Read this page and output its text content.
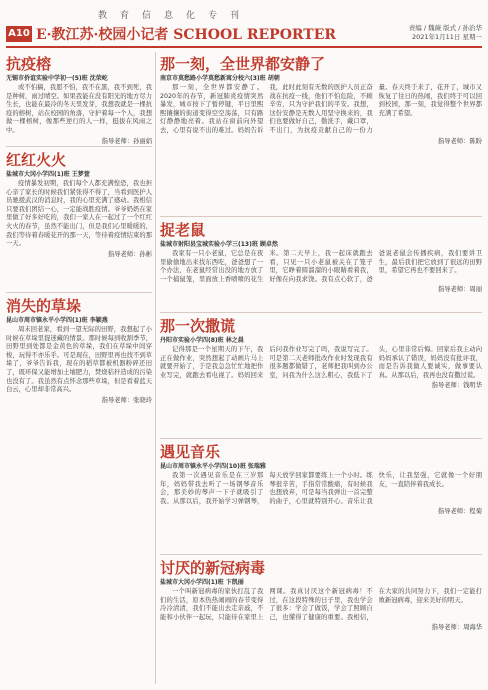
教育信息化专刊
A10 E·教江苏·校园小记者 SCHOOL REPORTER	责编 / 魏薇 版式 / 孙治华
2021年1月11日 星期一
抗疫榕
无锡市侨谊实验中学初一(5)班 沈荣屹
或不怕稿，我愿不怕，我不在黑，我不到死，我是种树，雨过晴空。如果我能在没有阳光的地方尽力生长，也能在最冷的冬天里发芽，我想我就是一棵抗疫的榕树，站在校园的角落，守护着每一个人，我想做一棵榕树，像那些逆行的人一样，挺拔在风雨之中。
指导老师：孙丽娟
红红火火
盐城市大冈小学四(1)班 王梦萱
疫情暴发初期，我们每个人都充满惶恐，我也担心亲了家长的时候我们紧张得不得了，当看到医护人员驰援武汉的消息时，我的心里充满了感动。我相信只要我们团结一心，一定能战胜疫情。爷爷奶奶在家里做了好多好吃的，我们一家人在一起过了一个红红火火的春节，虽然不能出门，但是我们心里暖暖的，我们等待着春暖花开的那一天，等待着疫情结束的那一天。
指导老师：孙彬
消失的草垛
昆山市周市镇永平小学四(1)班 李颖燕
周末回老家，看到一望无际的田野，我想起了小时候在草垛里捉迷藏的情景。那时候每到收割季节，田野里到处都是金黄色的草垛，我们在草垛中间穿梭，玩得不亦乐乎。可是现在，田野里再也找不到草垛了，爷爷告诉我，现在的稻草都被机器粉碎还田了，既环保又能增加土壤肥力，焚烧秸秆造成的污染也没有了。我虽然有点怀念那些草垛，但是看着蓝天白云，心里却非常高兴。
指导老师：张晓玲
那一刻，全世界都安静了
南京市莫愁路小学莫愁新寓分校六(3)班 胡朝
那一刻，全世界都安静了。2020年的春节，新冠肺炎疫情突然暴发，城市按下了暂停键，平日里熙熙攘攘的街道变得空空荡荡，只有路灯静静地亮着。我站在窗前向外望去，心里有说不出的难过。妈妈告诉我，此时此刻有无数的医护人员正奋战在抗疫一线，他们不怕危险，不顾辛劳，只为守护我们的平安。我想，这份安静是无数人用坚守换来的，我们也要做好自己，勤洗手，戴口罩，不出门，为抗疫贡献自己的一份力量。春天终于来了，花开了，城市又恢复了往日的热闹，我们终于可以回到校园，那一刻，我觉得整个世界都充满了希望。
指导老师：陈盼
捉老鼠
盐城市射阳县宝城实验小学三(13)班 顾卓然
我家有一只小老鼠，它总是在夜里偷偷地出来找东西吃，爸爸想了一个办法，在老鼠经常出没的地方放了一个捕鼠笼，里面放上香喷喷的花生米。第二天早上，我一起床就跑去看，只见一只小老鼠被关在了笼子里，它睁着圆溜溜的小眼睛看着我，好像在向我求饶。我有点心软了，爸爸说老鼠会传播疾病，我们要讲卫生，最后我们把它放到了很远的田野里，希望它再也不要回来了。
指导老师：周丽
那一次撒谎
丹阳市实验小学四(8)班 林之晨
记得那是一个星期天的下午，我正在做作业，突然想起了动画片马上就要开始了，于是我急急忙忙地把作业写完，就跑去看电视了。妈妈回来后问我作业写完了吗，我说写完了。可是第二天老师批改作业时发现我有很多题都做错了，老师把我叫到办公室，问我为什么这么粗心，我低下了头，心里非常后悔。回家后我主动向妈妈承认了错误，妈妈没有批评我，而是告诉我做人要诚实，做事要认真。从那以后，我再也没有撒过谎。
指导老师：钱明华
遇见音乐
昆山市周市镇永平小学四(10)班 张瑞雅
我第一次遇见音乐是在三岁那年，妈妈带我去听了一场钢琴音乐会，那美妙的琴声一下子就吸引了我。从那以后，我开始学习弹钢琴，每天放学回家都要练上一个小时。练琴很辛苦，手指常常酸痛，有时候我也想放弃，可是每当我弹出一首完整的曲子，心里就特别开心。音乐让我快乐，让我坚强，它就像一个好朋友，一直陪伴着我成长。
指导老师：程菊
讨厌的新冠病毒
盐城市大冈小学四(1)班 卞凯丽
一个叫新冠病毒的家伙打乱了我们的生活，原本热热闹闹的春节变得冷冷清清，我们不能出去走亲戚，不能和小伙伴一起玩，只能待在家里上网课。我真讨厌这个新冠病毒！不过，在这段特殊的日子里，我也学会了很多：学会了做饭，学会了照顾自己，也懂得了健康的重要。我相信，在大家的共同努力下，我们一定能打败新冠病毒，迎来美好的明天。
指导老师：周海华
